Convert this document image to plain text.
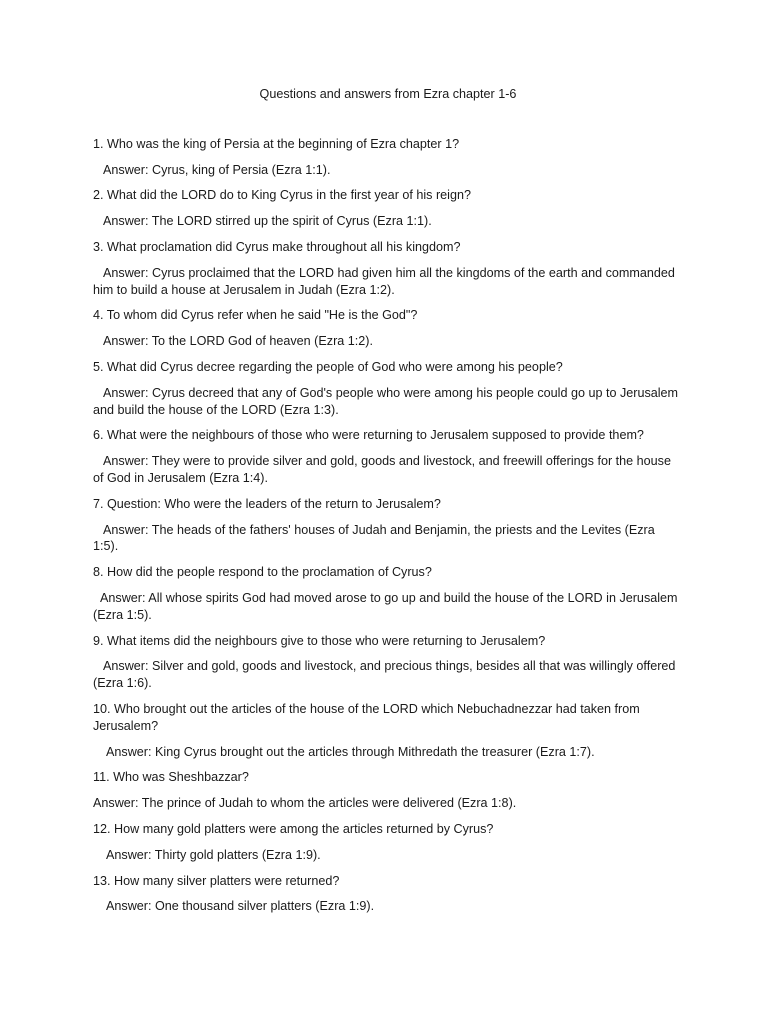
Questions and answers from Ezra chapter 1-6

1. Who was the king of Persia at the beginning of Ezra chapter 1?

Answer: Cyrus, king of Persia (Ezra 1:1).

2. What did the LORD do to King Cyrus in the first year of his reign?

Answer: The LORD stirred up the spirit of Cyrus (Ezra 1:1).

3. What proclamation did Cyrus make throughout all his kingdom?

Answer: Cyrus proclaimed that the LORD had given him all the kingdoms of the earth and commanded him to build a house at Jerusalem in Judah (Ezra 1:2).

4. To whom did Cyrus refer when he said "He is the God"?

Answer: To the LORD God of heaven (Ezra 1:2).

5. What did Cyrus decree regarding the people of God who were among his people?

Answer: Cyrus decreed that any of God's people who were among his people could go up to Jerusalem and build the house of the LORD (Ezra 1:3).

6. What were the neighbours of those who were returning to Jerusalem supposed to provide them?

Answer: They were to provide silver and gold, goods and livestock, and freewill offerings for the house of God in Jerusalem (Ezra 1:4).

7. Question: Who were the leaders of the return to Jerusalem?

Answer: The heads of the fathers' houses of Judah and Benjamin, the priests and the Levites (Ezra 1:5).

8. How did the people respond to the proclamation of Cyrus?

Answer: All whose spirits God had moved arose to go up and build the house of the LORD in Jerusalem (Ezra 1:5).

9. What items did the neighbours give to those who were returning to Jerusalem?

Answer: Silver and gold, goods and livestock, and precious things, besides all that was willingly offered (Ezra 1:6).

10. Who brought out the articles of the house of the LORD which Nebuchadnezzar had taken from Jerusalem?

Answer: King Cyrus brought out the articles through Mithredath the treasurer (Ezra 1:7).

11. Who was Sheshbazzar?

Answer: The prince of Judah to whom the articles were delivered (Ezra 1:8).

12. How many gold platters were among the articles returned by Cyrus?

Answer: Thirty gold platters (Ezra 1:9).

13. How many silver platters were returned?

Answer: One thousand silver platters (Ezra 1:9).
